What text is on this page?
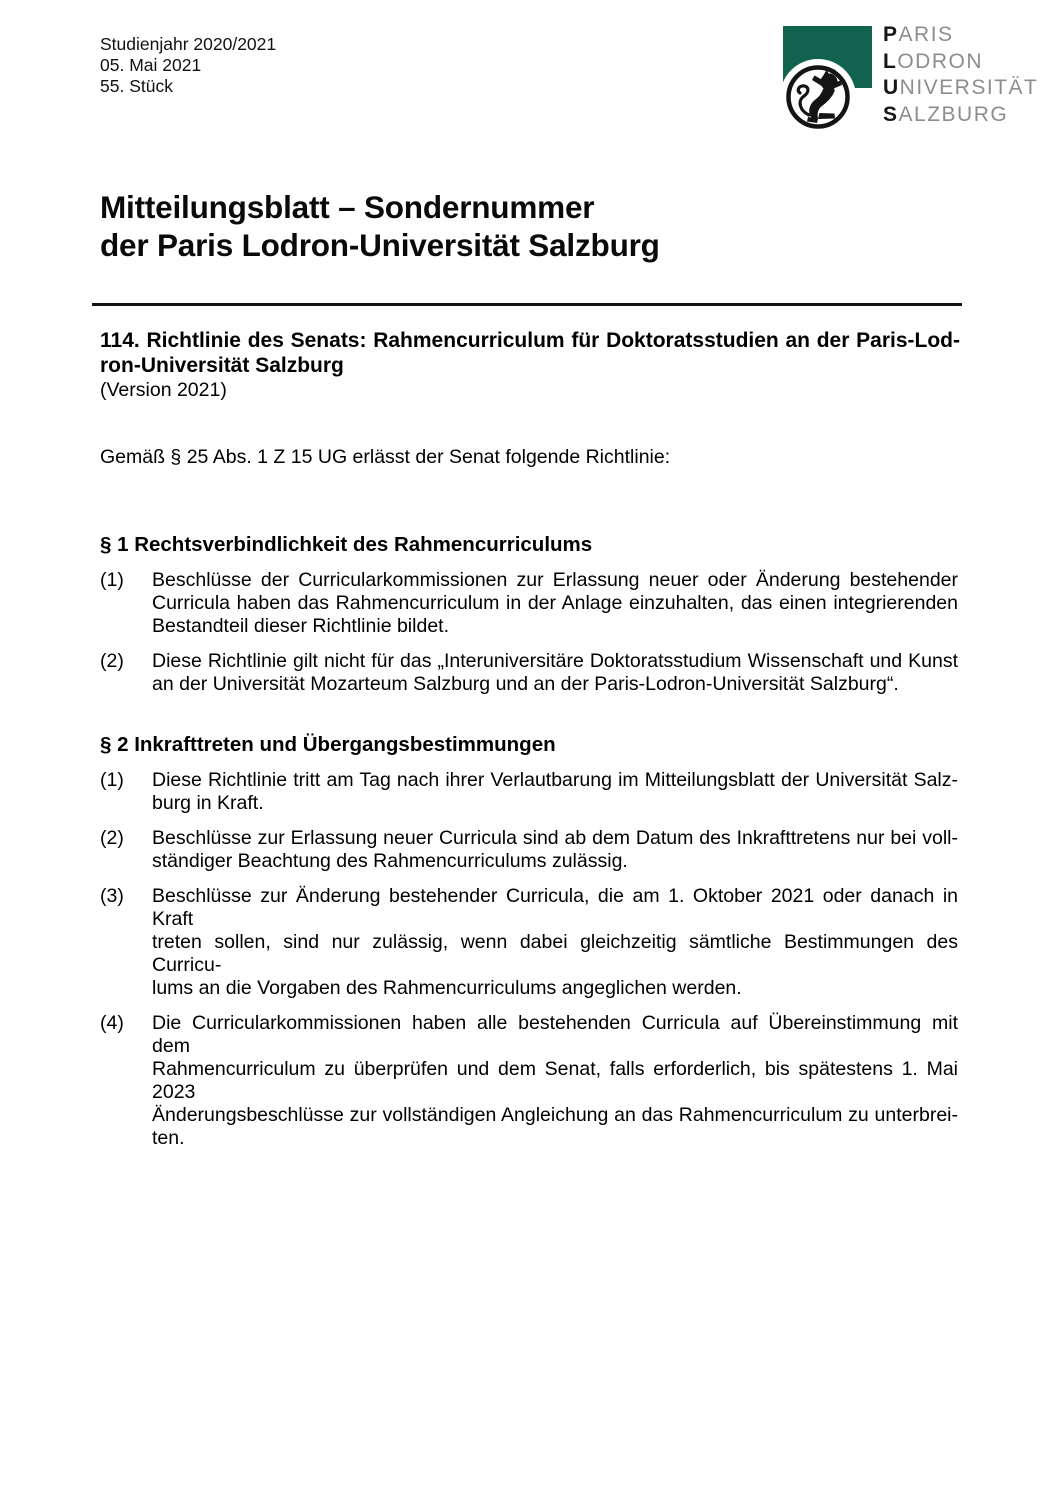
Studienjahr 2020/2021
05. Mai 2021
55. Stück
PARIS
LODRON
UNIVERSITÄT
SALZBURG
Mitteilungsblatt – Sondernummer
der Paris Lodron-Universität Salzburg
114. Richtlinie des Senats: Rahmencurriculum für Doktoratsstudien an der Paris-Lod-
ron-Universität Salzburg
(Version 2021)
Gemäß § 25 Abs. 1 Z 15 UG erlässt der Senat folgende Richtlinie:
§ 1 Rechtsverbindlichkeit des Rahmencurriculums
(1)	Beschlüsse der Curricularkommissionen zur Erlassung neuer oder Änderung bestehender
Curricula haben das Rahmencurriculum in der Anlage einzuhalten, das einen integrierenden
Bestandteil dieser Richtlinie bildet.
(2)	Diese Richtlinie gilt nicht für das „Interuniversitäre Doktoratsstudium Wissenschaft und Kunst
an der Universität Mozarteum Salzburg und an der Paris-Lodron-Universität Salzburg“.
§ 2 Inkrafttreten und Übergangsbestimmungen
(1)	Diese Richtlinie tritt am Tag nach ihrer Verlautbarung im Mitteilungsblatt der Universität Salz-
burg in Kraft.
(2)	Beschlüsse zur Erlassung neuer Curricula sind ab dem Datum des Inkrafttretens nur bei voll-
ständiger Beachtung des Rahmencurriculums zulässig.
(3)	Beschlüsse zur Änderung bestehender Curricula, die am 1. Oktober 2021 oder danach in Kraft
treten sollen, sind nur zulässig, wenn dabei gleichzeitig sämtliche Bestimmungen des Curricu-
lums an die Vorgaben des Rahmencurriculums angeglichen werden.
(4)	Die Curricularkommissionen haben alle bestehenden Curricula auf Übereinstimmung mit dem
Rahmencurriculum zu überprüfen und dem Senat, falls erforderlich, bis spätestens 1. Mai 2023
Änderungsbeschlüsse zur vollständigen Angleichung an das Rahmencurriculum zu unterbrei-
ten.
